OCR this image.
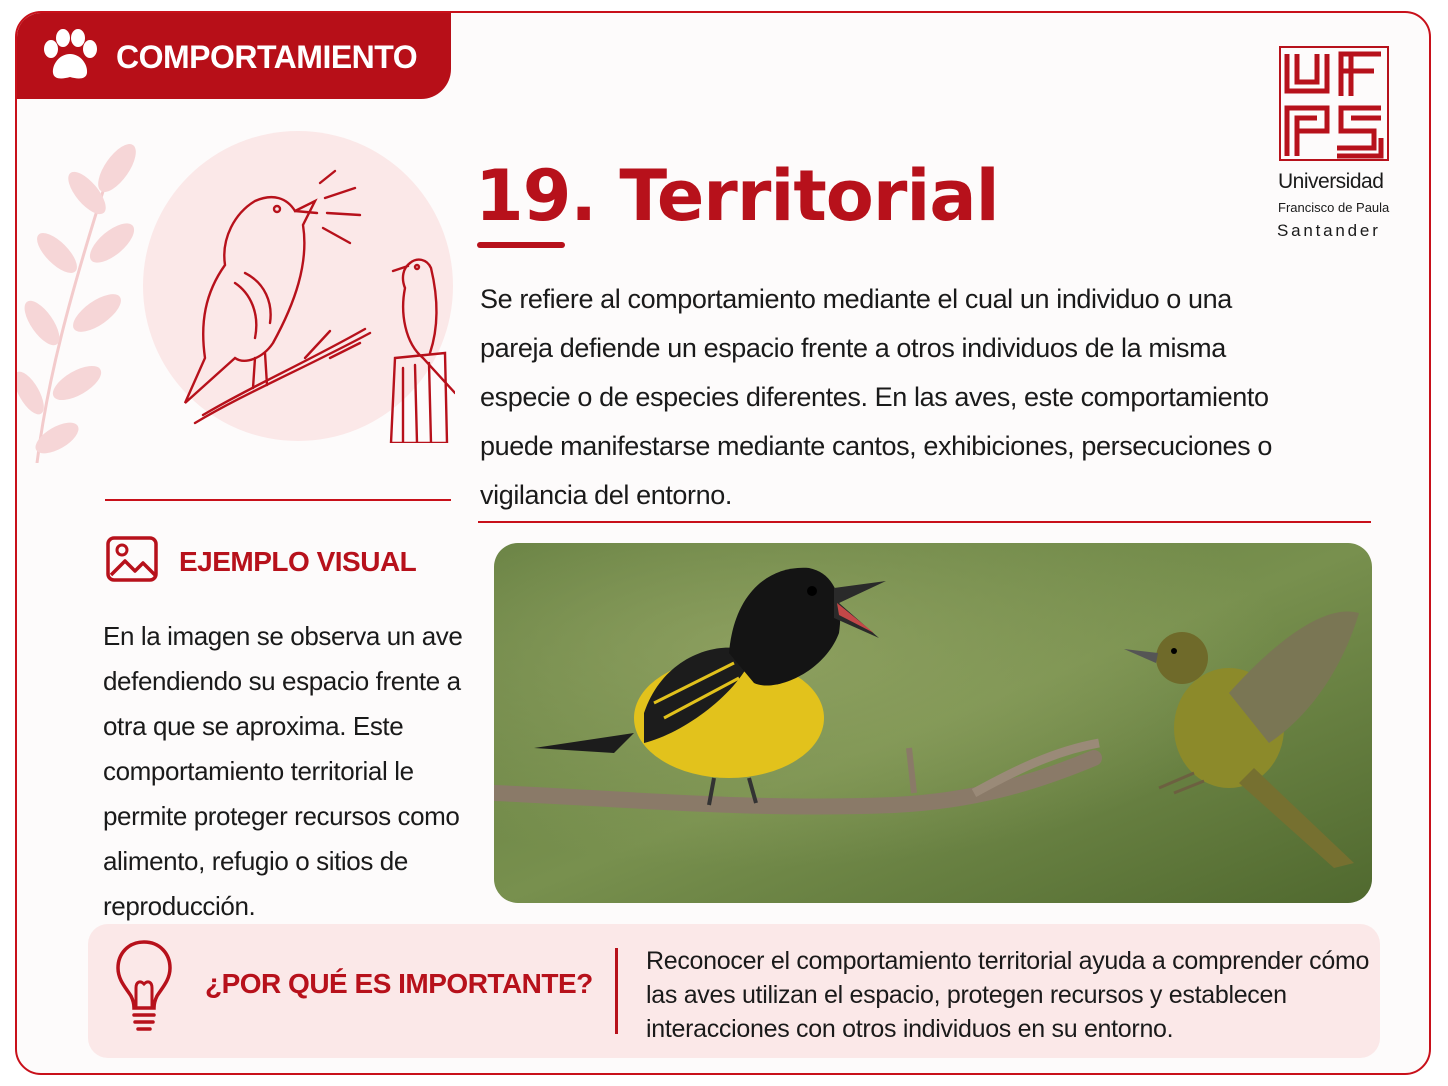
COMPORTAMIENTO
19. Territorial	Universidad
Francisco de Paula
Santander

Se refiere al comportamiento mediante el cual un individuo o una pareja defiende un espacio frente a otros individuos de la misma especie o de especies diferentes. En las aves, este comportamiento puede manifestarse mediante cantos, exhibiciones, persecuciones o vigilancia del entorno.

EJEMPLO VISUAL

En la imagen se observa un ave defendiendo su espacio frente a otra que se aproxima. Este comportamiento territorial le permite proteger recursos como alimento, refugio o sitios de reproducción.

¿POR QUÉ ES IMPORTANTE?

Reconocer el comportamiento territorial ayuda a comprender cómo las aves utilizan el espacio, protegen recursos y establecen interacciones con otros individuos en su entorno.
